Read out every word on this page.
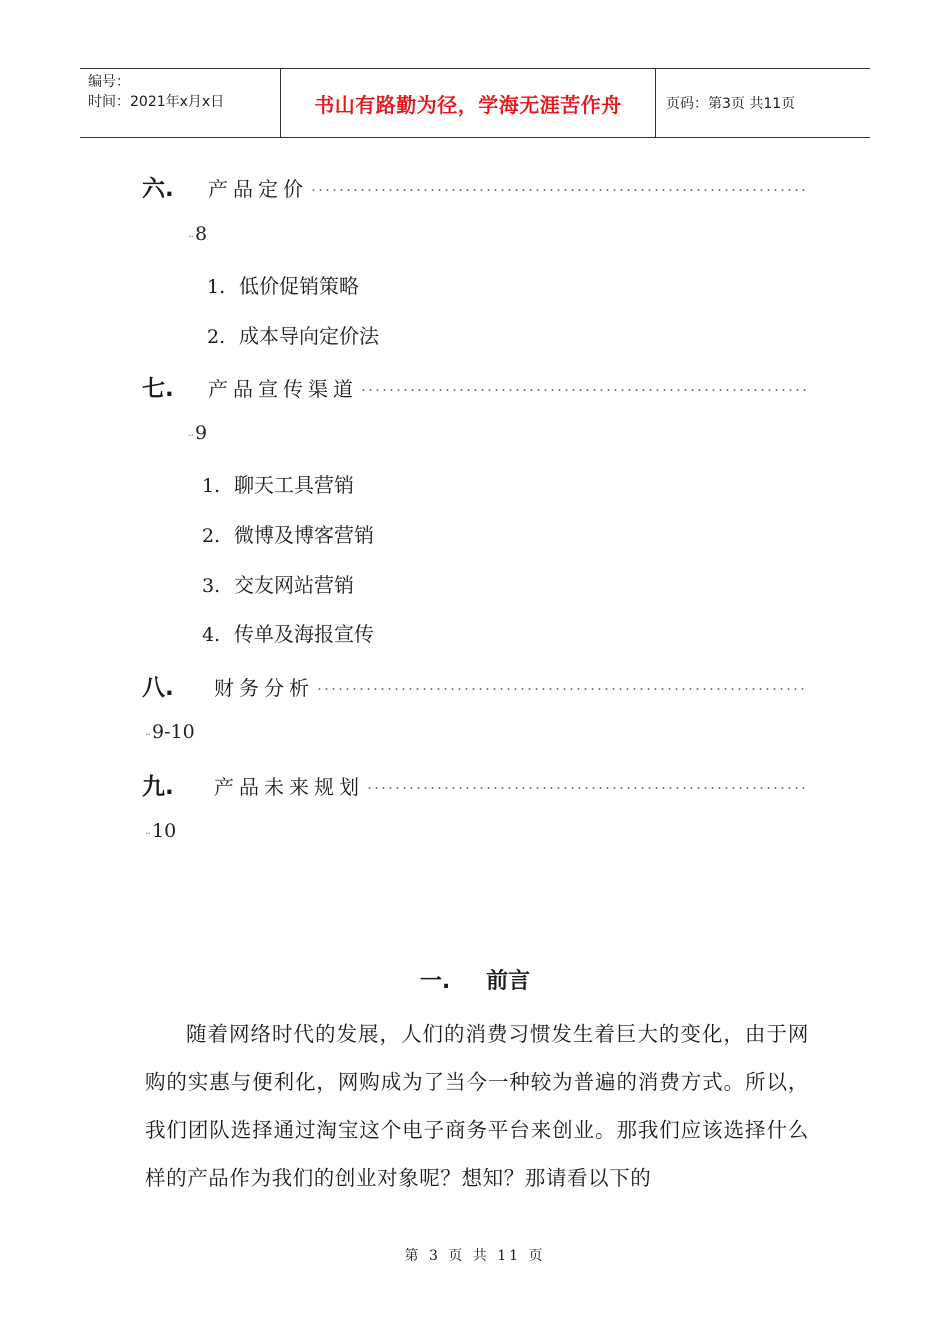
编号：
时间：2021年x月x日	书山有路勤为径，学海无涯苦作舟	页码：第3页 共11页
六.	产品定价
·· 8
1. 低价促销策略
2. 成本导向定价法
七.	产品宣传渠道
·· 9
1. 聊天工具营销
2. 微博及博客营销
3. 交友网站营销
4. 传单及海报宣传
八.	财务分析
·· 9-10
九.	产品未来规划
·· 10
一. 前言

随着网络时代的发展，人们的消费习惯发生着巨大的变化，由于网购的实惠与便利化，网购成为了当今一种较为普遍的消费方式。所以，我们团队选择通过淘宝这个电子商务平台来创业。那我们应该选择什么样的产品作为我们的创业对象呢？想知？那请看以下的

第 3 页 共 11 页
